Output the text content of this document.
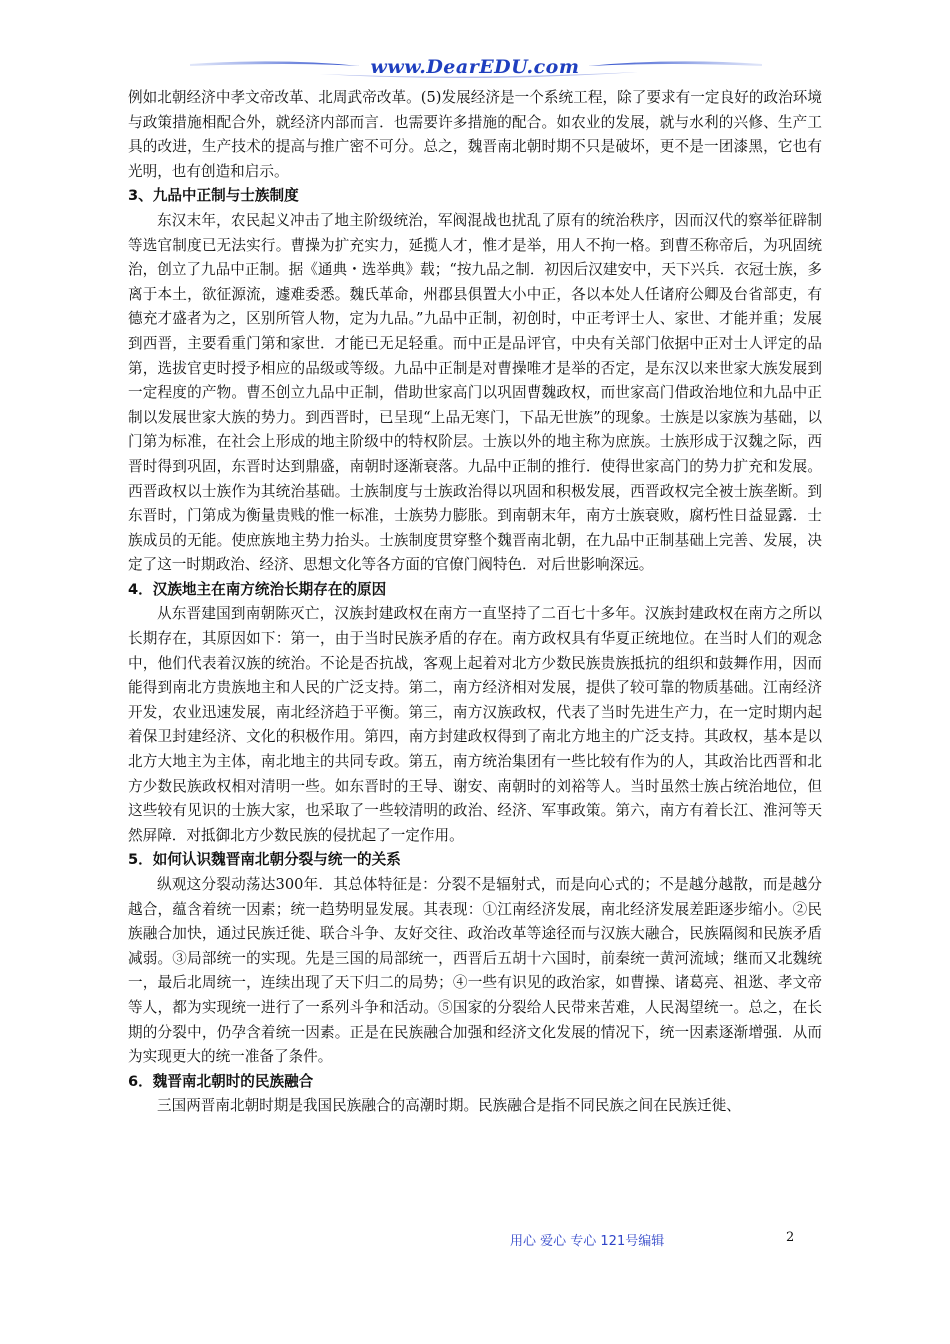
www.DearEDU.com

例如北朝经济中孝文帝改革、北周武帝改革。(5)发展经济是一个系统工程，除了要求有一定良好的政治环境与政策措施相配合外，就经济内部而言．也需要许多措施的配合。如农业的发展，就与水利的兴修、生产工具的改进，生产技术的提高与推广密不可分。总之，魏晋南北朝时期不只是破坏，更不是一团漆黑，它也有光明，也有创造和启示。

3、九品中正制与士族制度

东汉末年，农民起义冲击了地主阶级统治，军阀混战也扰乱了原有的统治秩序，因而汉代的察举征辟制等选官制度已无法实行。曹操为扩充实力，延揽人才，惟才是举，用人不拘一格。到曹丕称帝后，为巩固统治，创立了九品中正制。据《通典・选举典》载；“按九品之制．初因后汉建安中，天下兴兵．衣冠士族，多离于本土，欲征源流，遽难委悉。魏氏革命，州郡县俱置大小中正，各以本处人任诸府公卿及台省部吏，有德充才盛者为之，区别所管人物，定为九品。”九品中正制，初创时，中正考评士人、家世、才能并重；发展到西晋，主要看重门第和家世．才能已无足轻重。而中正是品评官，中央有关部门依据中正对士人评定的品第，选拔官吏时授予相应的品级或等级。九品中正制是对曹操唯才是举的否定，是东汉以来世家大族发展到一定程度的产物。曹丕创立九品中正制，借助世家高门以巩固曹魏政权，而世家高门借政治地位和九品中正制以发展世家大族的势力。到西晋时，已呈现“上品无寒门，下品无世族”的现象。士族是以家族为基础，以门第为标准，在社会上形成的地主阶级中的特权阶层。士族以外的地主称为庶族。士族形成于汉魏之际，西晋时得到巩固，东晋时达到鼎盛，南朝时逐渐衰落。九品中正制的推行．使得世家高门的势力扩充和发展。西晋政权以士族作为其统治基础。士族制度与士族政治得以巩固和积极发展，西晋政权完全被士族垄断。到东晋时，门第成为衡量贵贱的惟一标准，士族势力膨胀。到南朝末年，南方士族衰败，腐朽性日益显露．士族成员的无能。使庶族地主势力抬头。士族制度贯穿整个魏晋南北朝，在九品中正制基础上完善、发展，决定了这一时期政治、经济、思想文化等各方面的官僚门阀特色．对后世影响深远。

4．汉族地主在南方统治长期存在的原因

从东晋建国到南朝陈灭亡，汉族封建政权在南方一直坚持了二百七十多年。汉族封建政权在南方之所以长期存在，其原因如下：第一，由于当时民族矛盾的存在。南方政权具有华夏正统地位。在当时人们的观念中，他们代表着汉族的统治。不论是否抗战，客观上起着对北方少数民族贵族抵抗的组织和鼓舞作用，因而能得到南北方贵族地主和人民的广泛支持。第二，南方经济相对发展，提供了较可靠的物质基础。江南经济开发，农业迅速发展，南北经济趋于平衡。第三，南方汉族政权，代表了当时先进生产力，在一定时期内起着保卫封建经济、文化的积极作用。第四，南方封建政权得到了南北方地主的广泛支持。其政权，基本是以北方大地主为主体，南北地主的共同专政。第五，南方统治集团有一些比较有作为的人，其政治比西晋和北方少数民族政权相对清明一些。如东晋时的王导、谢安、南朝时的刘裕等人。当时虽然士族占统治地位，但这些较有见识的士族大家，也采取了一些较清明的政治、经济、军事政策。第六，南方有着长江、淮河等天然屏障．对抵御北方少数民族的侵扰起了一定作用。

5．如何认识魏晋南北朝分裂与统一的关系

纵观这分裂动荡达300年．其总体特征是：分裂不是辐射式，而是向心式的；不是越分越散，而是越分越合，蕴含着统一因素；统一趋势明显发展。其表现：①江南经济发展，南北经济发展差距逐步缩小。②民族融合加快，通过民族迁徙、联合斗争、友好交往、政治改革等途径而与汉族大融合，民族隔阂和民族矛盾减弱。③局部统一的实现。先是三国的局部统一，西晋后五胡十六国时，前秦统一黄河流域；继而又北魏统一，最后北周统一，连续出现了天下归二的局势；④一些有识见的政治家，如曹操、诸葛亮、祖逖、孝文帝等人，都为实现统一进行了一系列斗争和活动。⑤国家的分裂给人民带来苦难，人民渴望统一。总之，在长期的分裂中，仍孕含着统一因素。正是在民族融合加强和经济文化发展的情况下，统一因素逐渐增强．从而为实现更大的统一准备了条件。

6．魏晋南北朝时的民族融合

三国两晋南北朝时期是我国民族融合的高潮时期。民族融合是指不同民族之间在民族迁徙、

用心 爱心 专心 121号编辑	2
